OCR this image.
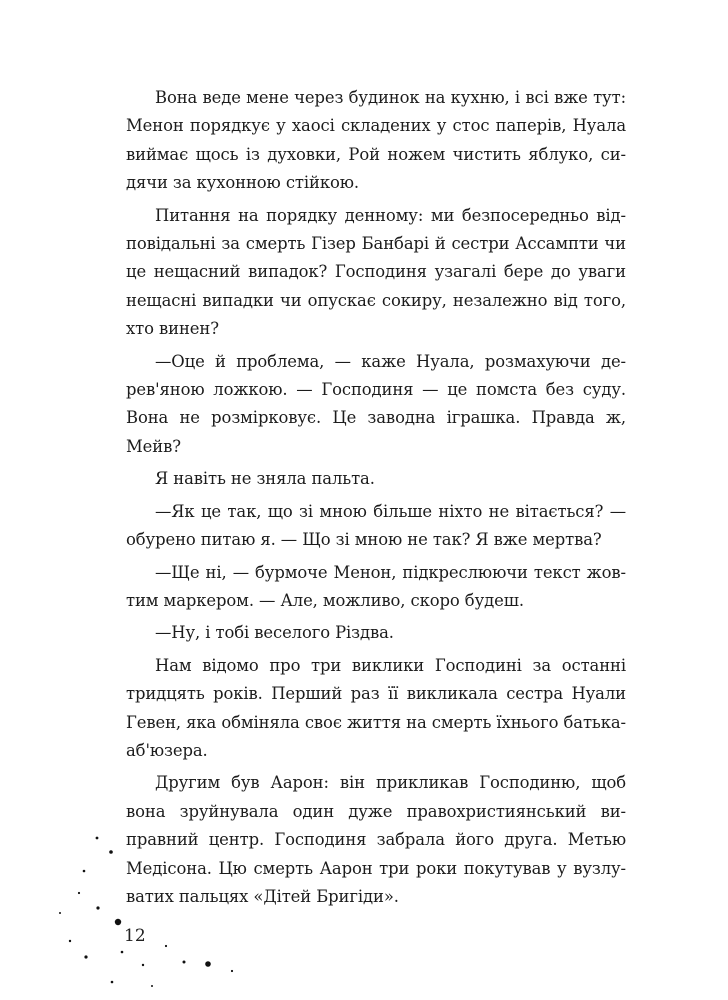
Вона веде мене через будинок на кухню, і всі вже тут:
Менон порядкує у хаосі складених у стос паперів, Нуала
виймає щось із духовки, Рой ножем чистить яблуко, си-
дячи за кухонною стійкою.
Питання на порядку денному: ми безпосередньо від-
повідальні за смерть Гізер Банбарі й сестри Ассампти чи
це нещасний випадок? Господиня узагалі бере до уваги
нещасні випадки чи опускає сокиру, незалежно від того,
хто винен?
—Оце й проблема, — каже Нуала, розмахуючи де-
рев'яною ложкою. — Господиня — це помста без суду.
Вона не розмірковує. Це заводна іграшка. Правда ж,
Мейв?
Я навіть не зняла пальта.
—Як це так, що зі мною більше ніхто не вітається? —
обурено питаю я. — Що зі мною не так? Я вже мертва?
—Ще ні, — бурмоче Менон, підкреслюючи текст жов-
тим маркером. — Але, можливо, скоро будеш.
—Ну, і тобі веселого Різдва.
Нам відомо про три виклики Господині за останні
тридцять років. Перший раз її викликала сестра Нуали
Гевен, яка обміняла своє життя на смерть їхнього батька-
аб'юзера.
Другим був Аарон: він прикликав Господиню, щоб
вона зруйнувала один дуже правохристиянський ви-
правний центр. Господиня забрала його друга. Метью
Медісона. Цю смерть Аарон три роки покутував у вузлу-
ватих пальцях «Дітей Бригіди».
12
